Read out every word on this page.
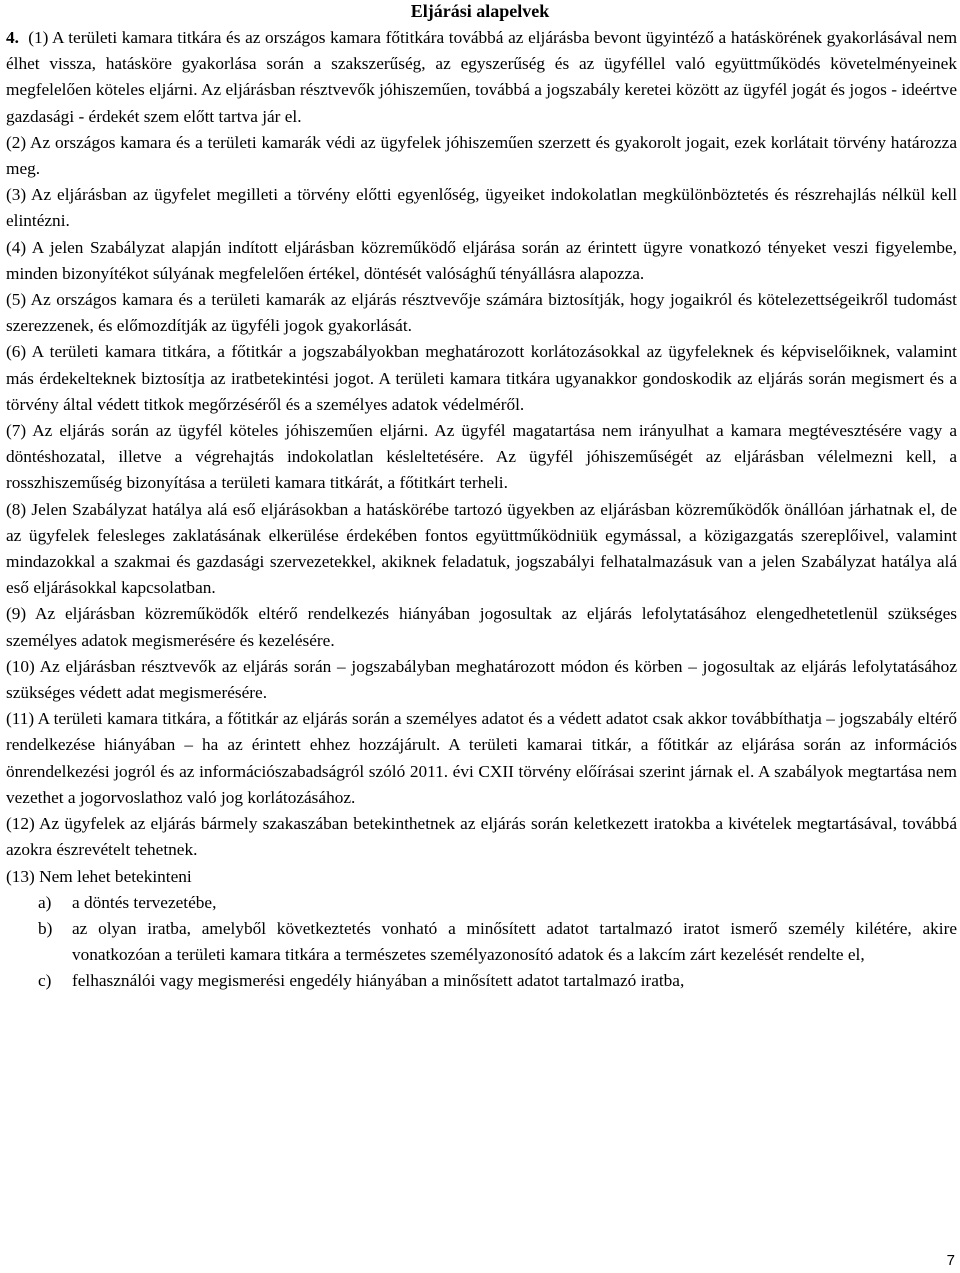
Eljárási alapelvek

4. (1) A területi kamara titkára és az országos kamara főtitkára továbbá az eljárásba bevont ügyintéző a hatáskörének gyakorlásával nem élhet vissza, hatásköre gyakorlása során a szakszerűség, az egyszerűség és az ügyféllel való együttműködés követelményeinek megfelelően köteles eljárni. Az eljárásban résztvevők jóhiszeműen, továbbá a jogszabály keretei között az ügyfél jogát és jogos - ideértve gazdasági - érdekét szem előtt tartva jár el.

(2) Az országos kamara és a területi kamarák védi az ügyfelek jóhiszeműen szerzett és gyakorolt jogait, ezek korlátait törvény határozza meg.

(3) Az eljárásban az ügyfelet megilleti a törvény előtti egyenlőség, ügyeiket indokolatlan megkülönböztetés és részrehajlás nélkül kell elintézni.

(4) A jelen Szabályzat alapján indított eljárásban közreműködő eljárása során az érintett ügyre vonatkozó tényeket veszi figyelembe, minden bizonyítékot súlyának megfelelően értékel, döntését valósághű tényállásra alapozza.

(5) Az országos kamara és a területi kamarák az eljárás résztvevője számára biztosítják, hogy jogaikról és kötelezettségeikről tudomást szerezzenek, és előmozdítják az ügyféli jogok gyakorlását.

(6) A területi kamara titkára, a főtitkár a jogszabályokban meghatározott korlátozásokkal az ügyfeleknek és képviselőiknek, valamint más érdekelteknek biztosítja az iratbetekintési jogot. A területi kamara titkára ugyanakkor gondoskodik az eljárás során megismert és a törvény által védett titkok megőrzéséről és a személyes adatok védelméről.

(7) Az eljárás során az ügyfél köteles jóhiszeműen eljárni. Az ügyfél magatartása nem irányulhat a kamara megtévesztésére vagy a döntéshozatal, illetve a végrehajtás indokolatlan késleltetésére. Az ügyfél jóhiszeműségét az eljárásban vélelmezni kell, a rosszhiszeműség bizonyítása a területi kamara titkárát, a főtitkárt terheli.

(8) Jelen Szabályzat hatálya alá eső eljárásokban a hatáskörébe tartozó ügyekben az eljárásban közreműködők önállóan járhatnak el, de az ügyfelek felesleges zaklatásának elkerülése érdekében fontos együttműködniük egymással, a közigazgatás szereplőivel, valamint mindazokkal a szakmai és gazdasági szervezetekkel, akiknek feladatuk, jogszabályi felhatalmazásuk van a jelen Szabályzat hatálya alá eső eljárásokkal kapcsolatban.

(9) Az eljárásban közreműködők eltérő rendelkezés hiányában jogosultak az eljárás lefolytatásához elengedhetetlenül szükséges személyes adatok megismerésére és kezelésére.

(10) Az eljárásban résztvevők az eljárás során – jogszabályban meghatározott módon és körben – jogosultak az eljárás lefolytatásához szükséges védett adat megismerésére.

(11) A területi kamara titkára, a főtitkár az eljárás során a személyes adatot és a védett adatot csak akkor továbbíthatja – jogszabály eltérő rendelkezése hiányában – ha az érintett ehhez hozzájárult. A területi kamarai titkár, a főtitkár az eljárása során az információs önrendelkezési jogról és az információszabadságról szóló 2011. évi CXII törvény előírásai szerint járnak el. A szabályok megtartása nem vezethet a jogorvoslathoz való jog korlátozásához.

(12) Az ügyfelek az eljárás bármely szakaszában betekinthetnek az eljárás során keletkezett iratokba a kivételek megtartásával, továbbá azokra észrevételt tehetnek.

(13) Nem lehet betekinteni

a) a döntés tervezetébe,
b) az olyan iratba, amelyből következtetés vonható a minősített adatot tartalmazó iratot ismerő személy kilétére, akire vonatkozóan a területi kamara titkára a természetes személyazonosító adatok és a lakcím zárt kezelését rendelte el,
c) felhasználói vagy megismerési engedély hiányában a minősített adatot tartalmazó iratba,
7
